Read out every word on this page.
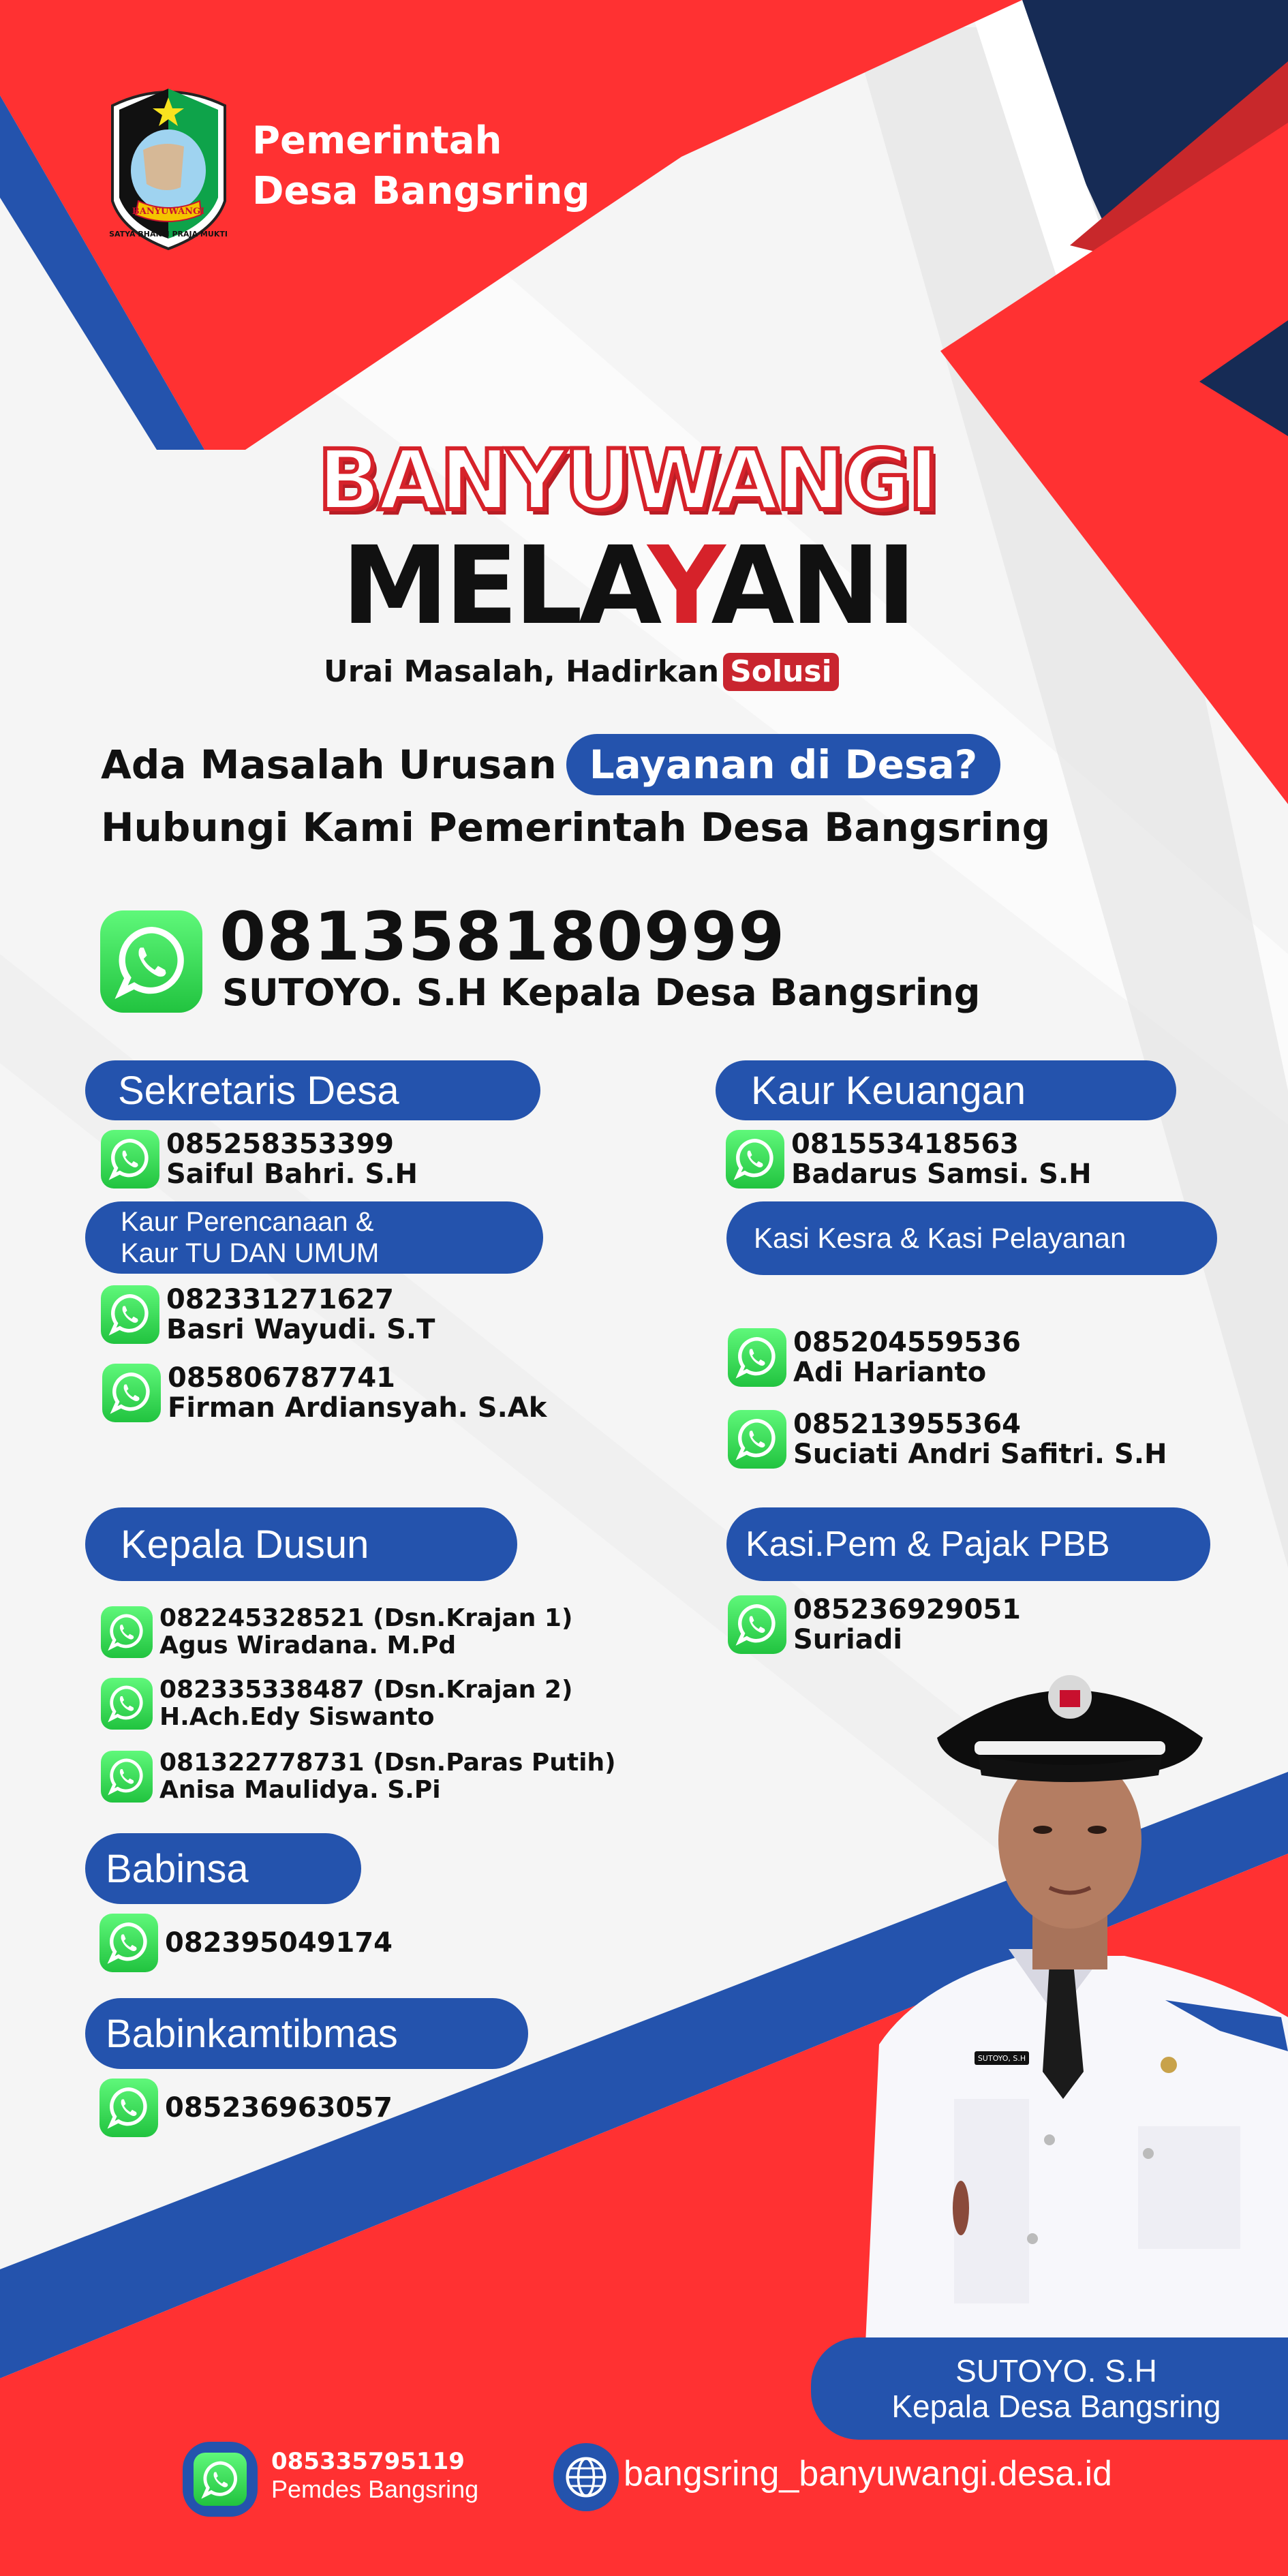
BANYUWANGI
SATYA BHAKTI PRAJA MUKTI
Pemerintah
Desa Bangsring
BANYUWANGI
MELAYANI
Urai Masalah, Hadirkan Solusi
Ada Masalah Urusan Layanan di Desa?
Hubungi Kami Pemerintah Desa Bangsring
081358180999
SUTOYO. S.H Kepala Desa Bangsring
Sekretaris Desa
085258353399
Saiful Bahri. S.H
Kaur Perencanaan &
Kaur TU DAN UMUM
082331271627
Basri Wayudi. S.T
085806787741
Firman Ardiansyah. S.Ak
Kepala Dusun
082245328521 (Dsn.Krajan 1)
Agus Wiradana. M.Pd
082335338487 (Dsn.Krajan 2)
H.Ach.Edy Siswanto
081322778731 (Dsn.Paras Putih)
Anisa Maulidya. S.Pi
Babinsa
082395049174
Babinkamtibmas
085236963057
Kaur Keuangan
081553418563
Badarus Samsi. S.H
Kasi Kesra & Kasi Pelayanan
085204559536
Adi Harianto
085213955364
Suciati Andri Safitri. S.H
Kasi.Pem & Pajak PBB
085236929051
Suriadi
SUTOYO, S.H
SUTOYO. S.H
Kepala Desa Bangsring
085335795119
Pemdes Bangsring	bangsring_banyuwangi.desa.id
